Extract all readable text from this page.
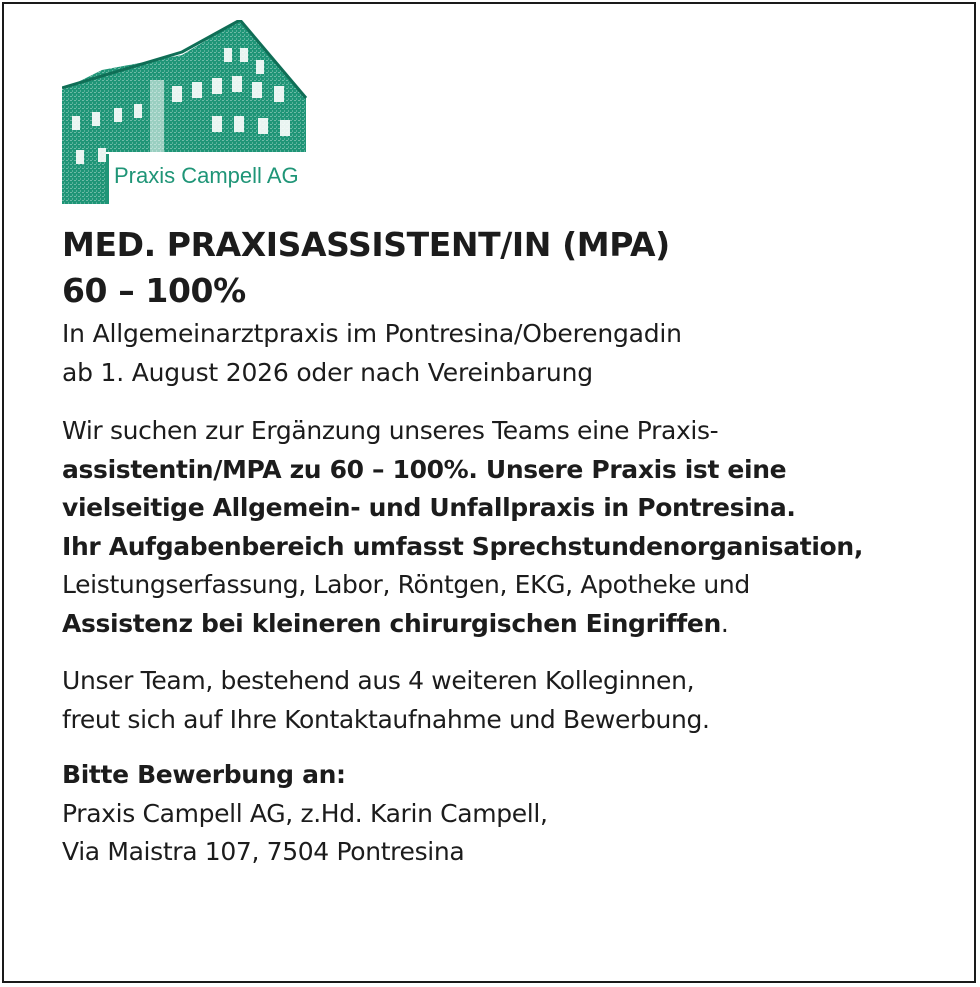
Praxis Campell AG
MED. PRAXISASSISTENT/IN (MPA)
60 – 100%

In Allgemeinarztpraxis im Pontresina/Oberengadin

ab 1. August 2026 oder nach Vereinbarung

Wir suchen zur Ergänzung unseres Teams eine Praxis-

assistentin/MPA zu 60 – 100%. Unsere Praxis ist eine

vielseitige Allgemein- und Unfallpraxis in Pontresina.

Ihr Aufgabenbereich umfasst Sprechstundenorganisation,

Leistungserfassung, Labor, Röntgen, EKG, Apotheke und

Assistenz bei kleineren chirurgischen Eingriffen.

Unser Team, bestehend aus 4 weiteren Kolleginnen,

freut sich auf Ihre Kontaktaufnahme und Bewerbung.

Bitte Bewerbung an:

Praxis Campell AG, z.Hd. Karin Campell,

Via Maistra 107, 7504 Pontresina
